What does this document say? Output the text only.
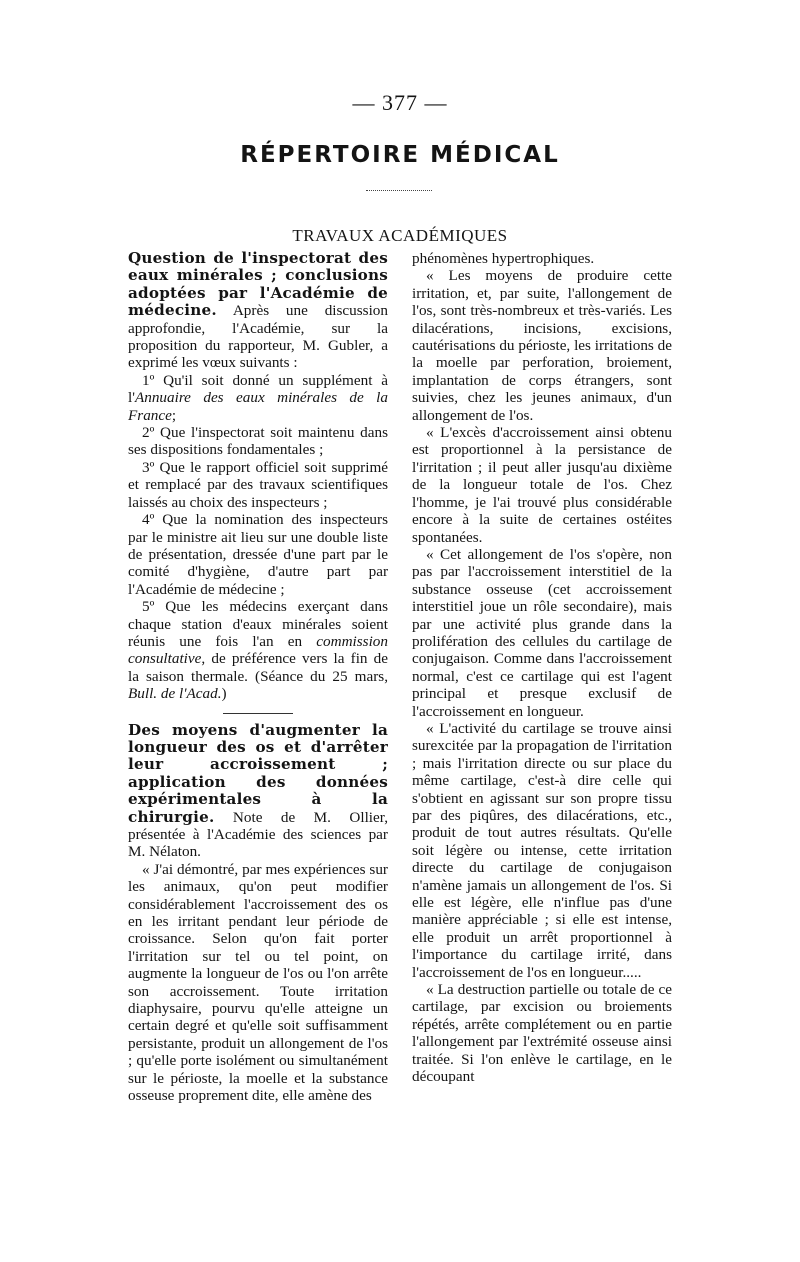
— 377 —
RÉPERTOIRE MÉDICAL
TRAVAUX ACADÉMIQUES

Question de l'inspectorat des eaux minérales ; conclusions adoptées par l'Académie de médecine. Après une discussion approfondie, l'Académie, sur la proposition du rapporteur, M. Gubler, a exprimé les vœux suivants :

1º Qu'il soit donné un supplément à l'Annuaire des eaux minérales de la France;

2º Que l'inspectorat soit maintenu dans ses dispositions fondamentales ;

3º Que le rapport officiel soit supprimé et remplacé par des travaux scientifiques laissés au choix des inspecteurs ;

4º Que la nomination des inspecteurs par le ministre ait lieu sur une double liste de présentation, dressée d'une part par le comité d'hygiène, d'autre part par l'Académie de médecine ;

5º Que les médecins exerçant dans chaque station d'eaux minérales soient réunis une fois l'an en commission consultative, de préférence vers la fin de la saison thermale. (Séance du 25 mars, Bull. de l'Acad.)

Des moyens d'augmenter la longueur des os et d'arrêter leur accroissement ; application des données expérimentales à la chirurgie. Note de M. Ollier, présentée à l'Académie des sciences par M. Nélaton.

« J'ai démontré, par mes expériences sur les animaux, qu'on peut modifier considérablement l'accroissement des os en les irritant pendant leur période de croissance. Selon qu'on fait porter l'irritation sur tel ou tel point, on augmente la longueur de l'os ou l'on arrête son accroissement. Toute irritation diaphysaire, pourvu qu'elle atteigne un certain degré et qu'elle soit suffisamment persistante, produit un allongement de l'os ; qu'elle porte isolément ou simultanément sur le périoste, la moelle et la substance osseuse proprement dite, elle amène des

phénomènes hypertrophiques.

« Les moyens de produire cette irritation, et, par suite, l'allongement de l'os, sont très-nombreux et très-variés. Les dilacérations, incisions, excisions, cautérisations du périoste, les irritations de la moelle par perforation, broiement, implantation de corps étrangers, sont suivies, chez les jeunes animaux, d'un allongement de l'os.

« L'excès d'accroissement ainsi obtenu est proportionnel à la persistance de l'irritation ; il peut aller jusqu'au dixième de la longueur totale de l'os. Chez l'homme, je l'ai trouvé plus considérable encore à la suite de certaines ostéites spontanées.

« Cet allongement de l'os s'opère, non pas par l'accroissement interstitiel de la substance osseuse (cet accroissement interstitiel joue un rôle secondaire), mais par une activité plus grande dans la prolifération des cellules du cartilage de conjugaison. Comme dans l'accroissement normal, c'est ce cartilage qui est l'agent principal et presque exclusif de l'accroissement en longueur.

« L'activité du cartilage se trouve ainsi surexcitée par la propagation de l'irritation ; mais l'irritation directe ou sur place du même cartilage, c'est-à dire celle qui s'obtient en agissant sur son propre tissu par des piqûres, des dilacérations, etc., produit de tout autres résultats. Qu'elle soit légère ou intense, cette irritation directe du cartilage de conjugaison n'amène jamais un allongement de l'os. Si elle est légère, elle n'influe pas d'une manière appréciable ; si elle est intense, elle produit un arrêt proportionnel à l'importance du cartilage irrité, dans l'accroissement de l'os en longueur.....

« La destruction partielle ou totale de ce cartilage, par excision ou broiements répétés, arrête complétement ou en partie l'allongement par l'extrémité osseuse ainsi traitée. Si l'on enlève le cartilage, en le découpant
